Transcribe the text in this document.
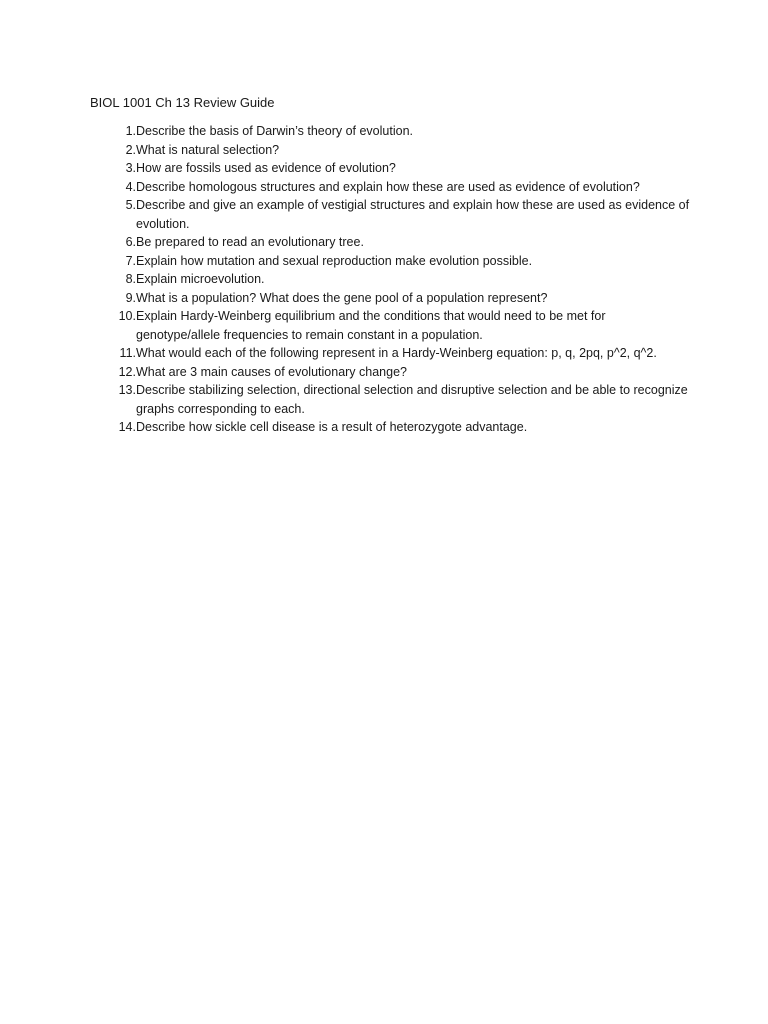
BIOL 1001 Ch 13 Review Guide
1. Describe the basis of Darwin’s theory of evolution.
2. What is natural selection?
3. How are fossils used as evidence of evolution?
4. Describe homologous structures and explain how these are used as evidence of evolution?
5. Describe and give an example of vestigial structures and explain how these are used as evidence of evolution.
6. Be prepared to read an evolutionary tree.
7. Explain how mutation and sexual reproduction make evolution possible.
8. Explain microevolution.
9. What is a population? What does the gene pool of a population represent?
10. Explain Hardy-Weinberg equilibrium and the conditions that would need to be met for genotype/allele frequencies to remain constant in a population.
11. What would each of the following represent in a Hardy-Weinberg equation: p, q, 2pq, p^2, q^2.
12. What are 3 main causes of evolutionary change?
13. Describe stabilizing selection, directional selection and disruptive selection and be able to recognize graphs corresponding to each.
14. Describe how sickle cell disease is a result of heterozygote advantage.
